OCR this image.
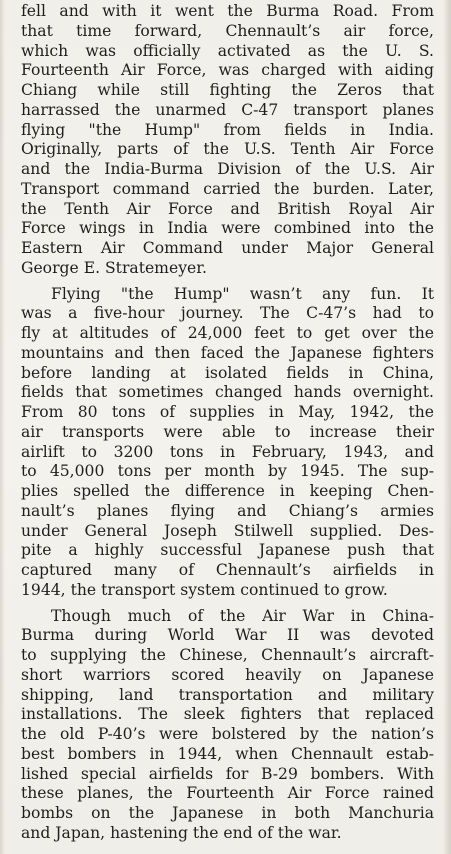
fell and with it went the Burma Road. From
that time forward, Chennault’s air force,
which was officially activated as the U. S.
Fourteenth Air Force, was charged with aiding
Chiang while still fighting the Zeros that
harrassed the unarmed C-47 transport planes
flying "the Hump" from fields in India.
Originally, parts of the U.S. Tenth Air Force
and the India-Burma Division of the U.S. Air
Transport command carried the burden. Later,
the Tenth Air Force and British Royal Air
Force wings in India were combined into the
Eastern Air Command under Major General
George E. Stratemeyer.
Flying "the Hump" wasn’t any fun. It
was a five-hour journey. The C-47’s had to
fly at altitudes of 24,000 feet to get over the
mountains and then faced the Japanese fighters
before landing at isolated fields in China,
fields that sometimes changed hands overnight.
From 80 tons of supplies in May, 1942, the
air transports were able to increase their
airlift to 3200 tons in February, 1943, and
to 45,000 tons per month by 1945. The sup-
plies spelled the difference in keeping Chen-
nault’s planes flying and Chiang’s armies
under General Joseph Stilwell supplied. Des-
pite a highly successful Japanese push that
captured many of Chennault’s airfields in
1944, the transport system continued to grow.
Though much of the Air War in China-
Burma during World War II was devoted
to supplying the Chinese, Chennault’s aircraft-
short warriors scored heavily on Japanese
shipping, land transportation and military
installations. The sleek fighters that replaced
the old P-40’s were bolstered by the nation’s
best bombers in 1944, when Chennault estab-
lished special airfields for B-29 bombers. With
these planes, the Fourteenth Air Force rained
bombs on the Japanese in both Manchuria
and Japan, hastening the end of the war.
